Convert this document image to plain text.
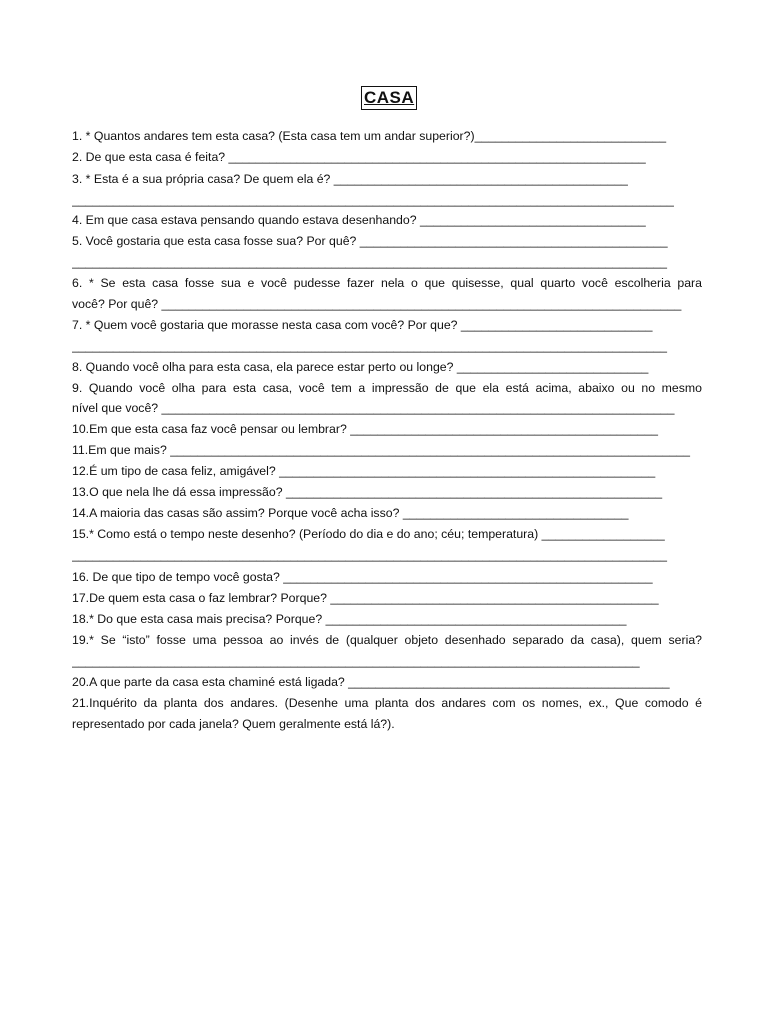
CASA
1. * Quantos andares tem esta casa? (Esta casa tem um andar superior?)____________________________
2. De que esta casa é feita? _____________________________________________________________
3. * Esta é a sua própria casa? De quem ela é? ___________________________________________
________________________________________________________________________________________
4. Em que casa estava pensando quando estava desenhando? _________________________________
5. Você gostaria que esta casa fosse sua? Por quê? _____________________________________________
_______________________________________________________________________________________
6. * Se esta casa fosse sua e você pudesse fazer nela o que quisesse, qual quarto você escolheria para
você? Por quê? ____________________________________________________________________________
7. * Quem você gostaria que morasse nesta casa com você? Por que? ____________________________
_______________________________________________________________________________________
8. Quando você olha para esta casa, ela parece estar perto ou longe? ____________________________
9. Quando você olha para esta casa, você tem a impressão de que ela está acima, abaixo ou no mesmo
nível que você? ___________________________________________________________________________
10.Em que esta casa faz você pensar ou lembrar? _____________________________________________
11.Em que mais? ____________________________________________________________________________
12.É um tipo de casa feliz, amigável? _______________________________________________________
13.O que nela lhe dá essa impressão? _______________________________________________________
14.A maioria das casas são assim? Porque você acha isso? _________________________________
15.* Como está o tempo neste desenho? (Período do dia e do ano; céu; temperatura) __________________
_______________________________________________________________________________________
16. De que tipo de tempo você gosta? ______________________________________________________
17.De quem esta casa o faz lembrar? Porque? ________________________________________________
18.* Do que esta casa mais precisa? Porque? ____________________________________________
19.* Se “isto” fosse uma pessoa ao invés de (qualquer objeto desenhado separado da casa), quem seria?
___________________________________________________________________________________
20.A que parte da casa esta chaminé está ligada? _______________________________________________
21.Inquérito da planta dos andares. (Desenhe uma planta dos andares com os nomes, ex., Que comodo é
representado por cada janela? Quem geralmente está lá?).
